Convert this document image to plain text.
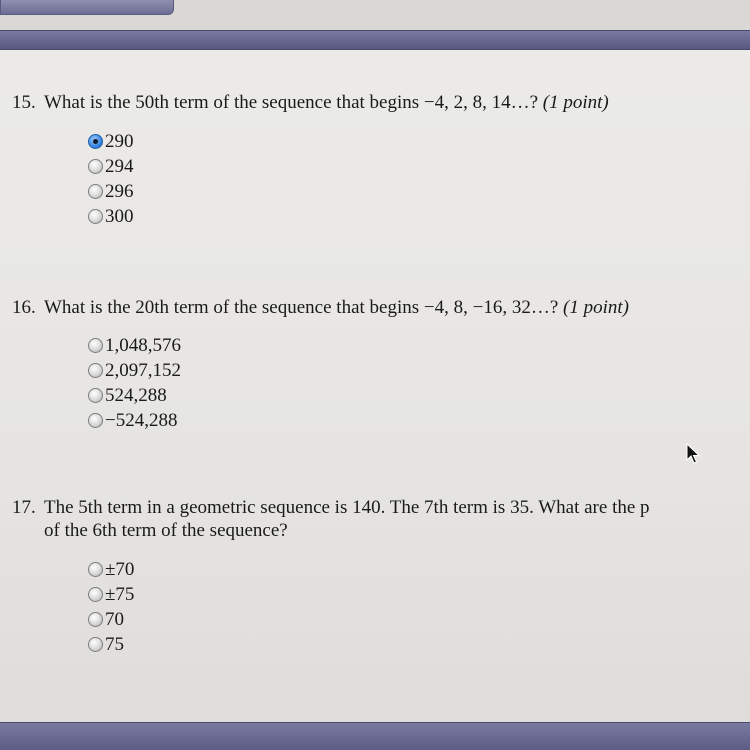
15. What is the 50th term of the sequence that begins −4, 2, 8, 14…? (1 point)
290
294
296
300
16. What is the 20th term of the sequence that begins −4, 8, −16, 32…? (1 point)
1,048,576
2,097,152
524,288
−524,288
17. The 5th term in a geometric sequence is 140. The 7th term is 35. What are the p
of the 6th term of the sequence?
±70
±75
70
75
